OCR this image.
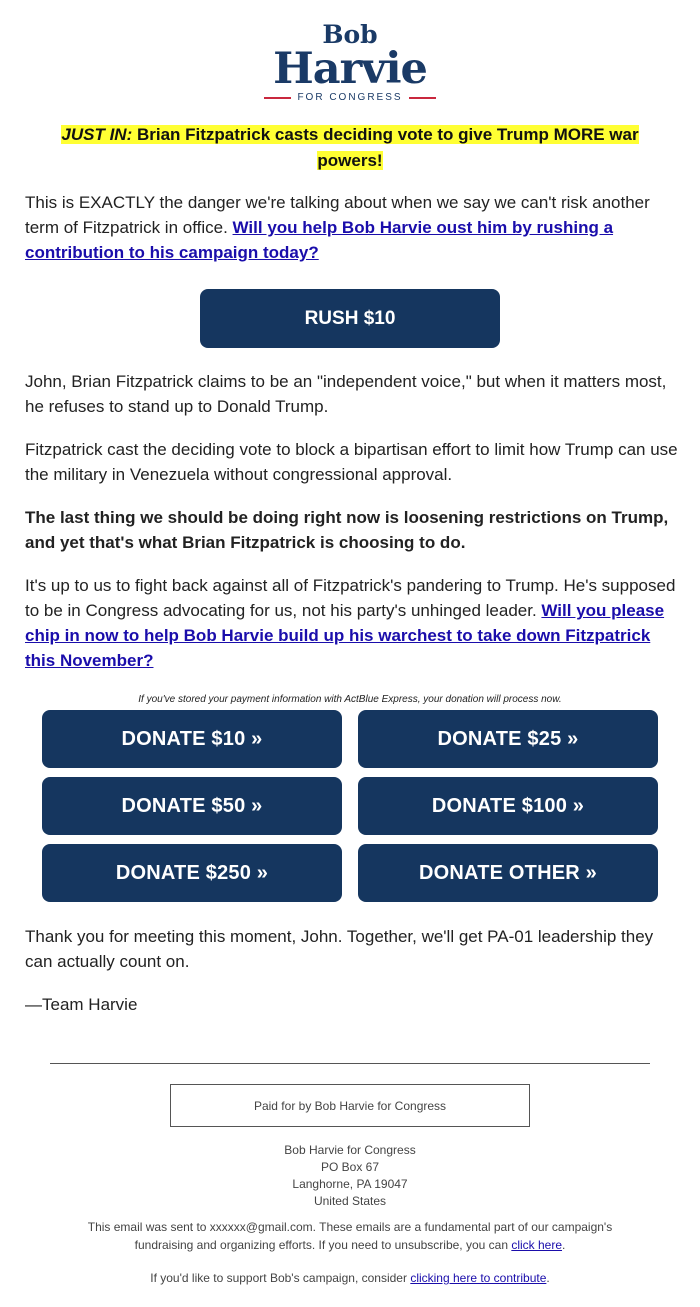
Bob
Harvie
FOR CONGRESS
JUST IN: Brian Fitzpatrick casts deciding vote to give Trump MORE war powers!

This is EXACTLY the danger we're talking about when we say we can't risk another term of Fitzpatrick in office. Will you help Bob Harvie oust him by rushing a contribution to his campaign today?

RUSH $10

John, Brian Fitzpatrick claims to be an "independent voice," but when it matters most, he refuses to stand up to Donald Trump.

Fitzpatrick cast the deciding vote to block a bipartisan effort to limit how Trump can use the military in Venezuela without congressional approval.

The last thing we should be doing right now is loosening restrictions on Trump, and yet that's what Brian Fitzpatrick is choosing to do.

It's up to us to fight back against all of Fitzpatrick's pandering to Trump. He's supposed to be in Congress advocating for us, not his party's unhinged leader. Will you please chip in now to help Bob Harvie build up his warchest to take down Fitzpatrick this November?

If you've stored your payment information with ActBlue Express, your donation will process now.
DONATE $10 »	DONATE $25 »
DONATE $50 »	DONATE $100 »
DONATE $250 »	DONATE OTHER »

Thank you for meeting this moment, John. Together, we'll get PA-01 leadership they can actually count on.

—Team Harvie

Paid for by Bob Harvie for Congress
Bob Harvie for Congress
PO Box 67
Langhorne, PA 19047
United States
This email was sent to xxxxxx@gmail.com. These emails are a fundamental part of our campaign's fundraising and organizing efforts. If you need to unsubscribe, you can click here.
If you'd like to support Bob's campaign, consider clicking here to contribute.
